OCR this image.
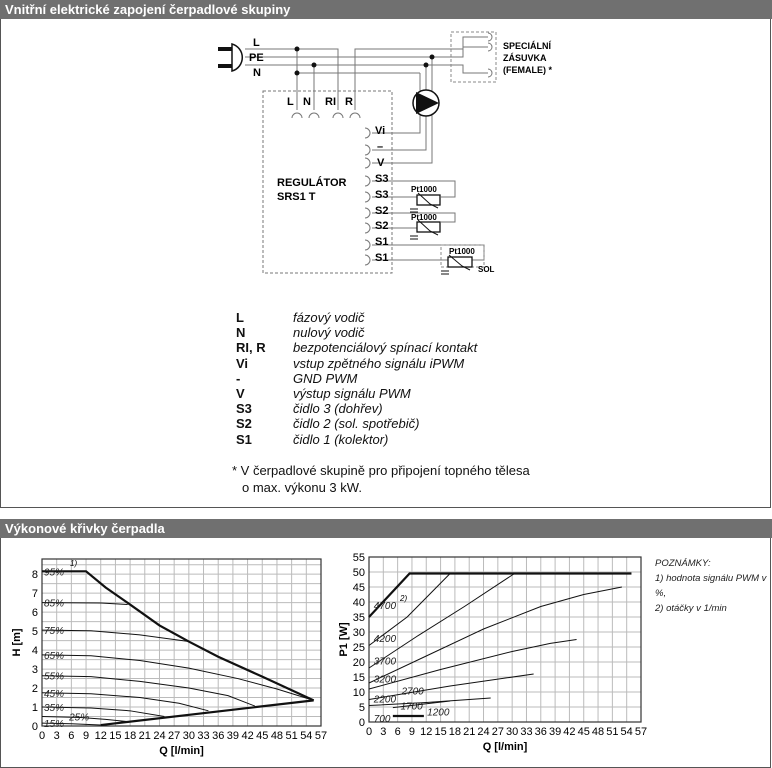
Vnitřní elektrické zapojení čerpadlové skupiny
Výkonové křivky čerpadla
L
PE
N
SPECIÁLNÍ
ZÁSUVKA
(FEMALE) *
L N RI R
Vi
–
V
S3
S3
S2
S2
S1
S1
REGULÁTOR
SRS1 T
Pt1000
Pt1000
Pt1000
SOL
L	fázový vodič
N	nulový vodič
RI, R bezpotenciálový spínací kontakt
Vi	vstup zpětného signálu iPWM
-	GND PWM
V	výstup signálu PWM
S3	čidlo 3 (dohřev)
S2	čidlo 2 (sol. spotřebič)
S1	čidlo 1 (kolektor)
* V čerpadlové skupině pro připojení topného tělesa
o max. výkonu 3 kW.
0 3 6 9 12 15 18 21 24 27 30 33 36 39 42 45 48 51 54 57
0
1
2
3
4
5
6
7
8
Q [l/min]
H [m]
95%
85%
75%
65%
55%
45%
35%
25%
15%
1)
0 3 6 9 12 15 18 21 24 27 30 33 36 39 42 45 48 51 54 57
0
5
10
15
20
25
30
35
40
45
50
55
Q [l/min]
P1 [W]
4700
4200
3700
3200
2700
2200
1700
1200
700
2)
POZNÁMKY:
1) hodnota signálu PWM v %,
2) otáčky v 1/min
